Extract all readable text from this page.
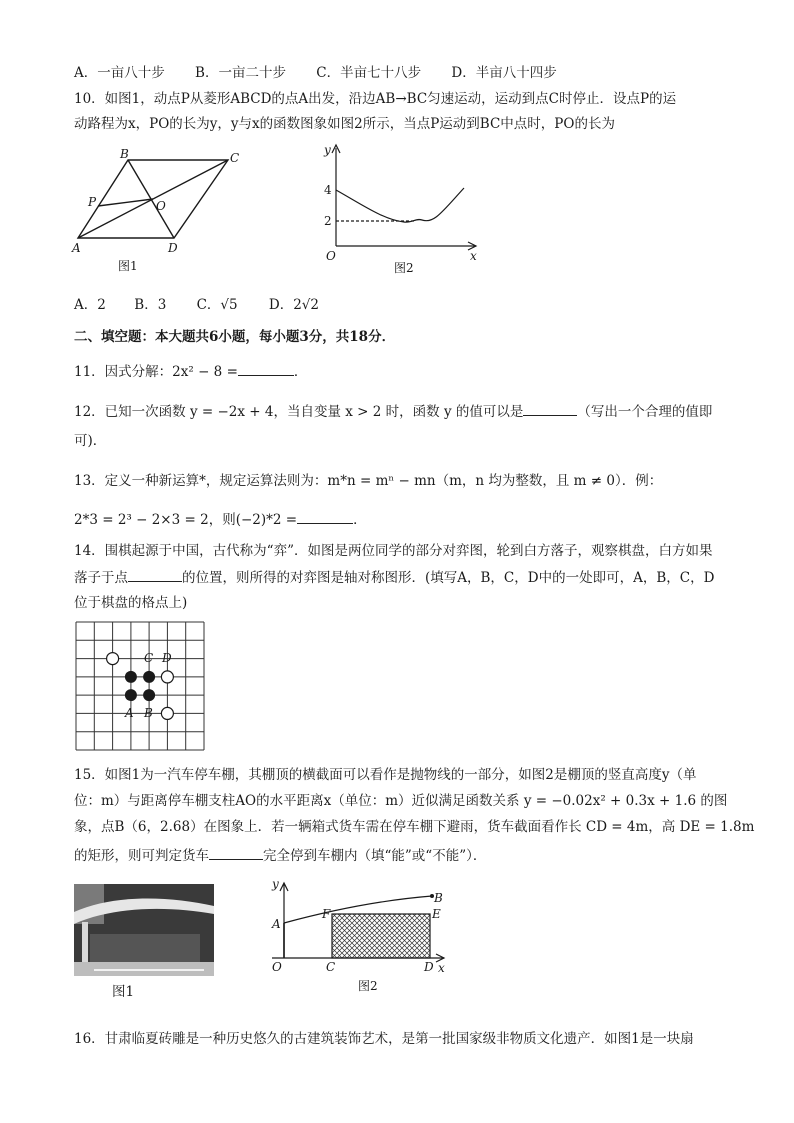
A．一亩八十步 B．一亩二十步 C．半亩七十八步 D．半亩八十四步
10．如图1，动点P从菱形ABCD的点A出发，沿边AB→BC匀速运动，运动到点C时停止．设点P的运
动路程为x，PO的长为y，y与x的函数图象如图2所示，当点P运动到BC中点时，PO的长为
B	C
P	O
A	D
图1
y
x
O
4
2
图2
A．2 B．3 C．√5 D．2√2
二、填空题：本大题共6小题，每小题3分，共18分．
11．因式分解：2x² − 8 =	．
12．已知一次函数 y = −2x + 4，当自变量 x > 2 时，函数 y 的值可以是	（写出一个合理的值即
可)．
13．定义一种新运算*，规定运算法则为：m*n = mⁿ − mn（m，n 均为整数，且 m ≠ 0）．例：
2*3 = 2³ − 2×3 = 2，则(−2)*2 =	．
14．围棋起源于中国，古代称为“弈”．如图是两位同学的部分对弈图，轮到白方落子，观察棋盘，白方如果
落子于点	的位置，则所得的对弈图是轴对称图形．(填写A，B，C，D中的一处即可，A，B，C，D
位于棋盘的格点上)
C D
A B
15．如图1为一汽车停车棚，其棚顶的横截面可以看作是抛物线的一部分，如图2是棚顶的竖直高度y（单
位：m）与距离停车棚支柱AO的水平距离x（单位：m）近似满足函数关系 y = −0.02x² + 0.3x + 1.6 的图
象，点B（6，2.68）在图象上．若一辆箱式货车需在停车棚下避雨，货车截面看作长 CD = 4m，高 DE = 1.8m
的矩形，则可判定货车	完全停到车棚内（填“能”或“不能”）．
图1
y
x
O
A
B
C	D
E
F
图2
16．甘肃临夏砖雕是一种历史悠久的古建筑装饰艺术，是第一批国家级非物质文化遗产．如图1是一块扇
